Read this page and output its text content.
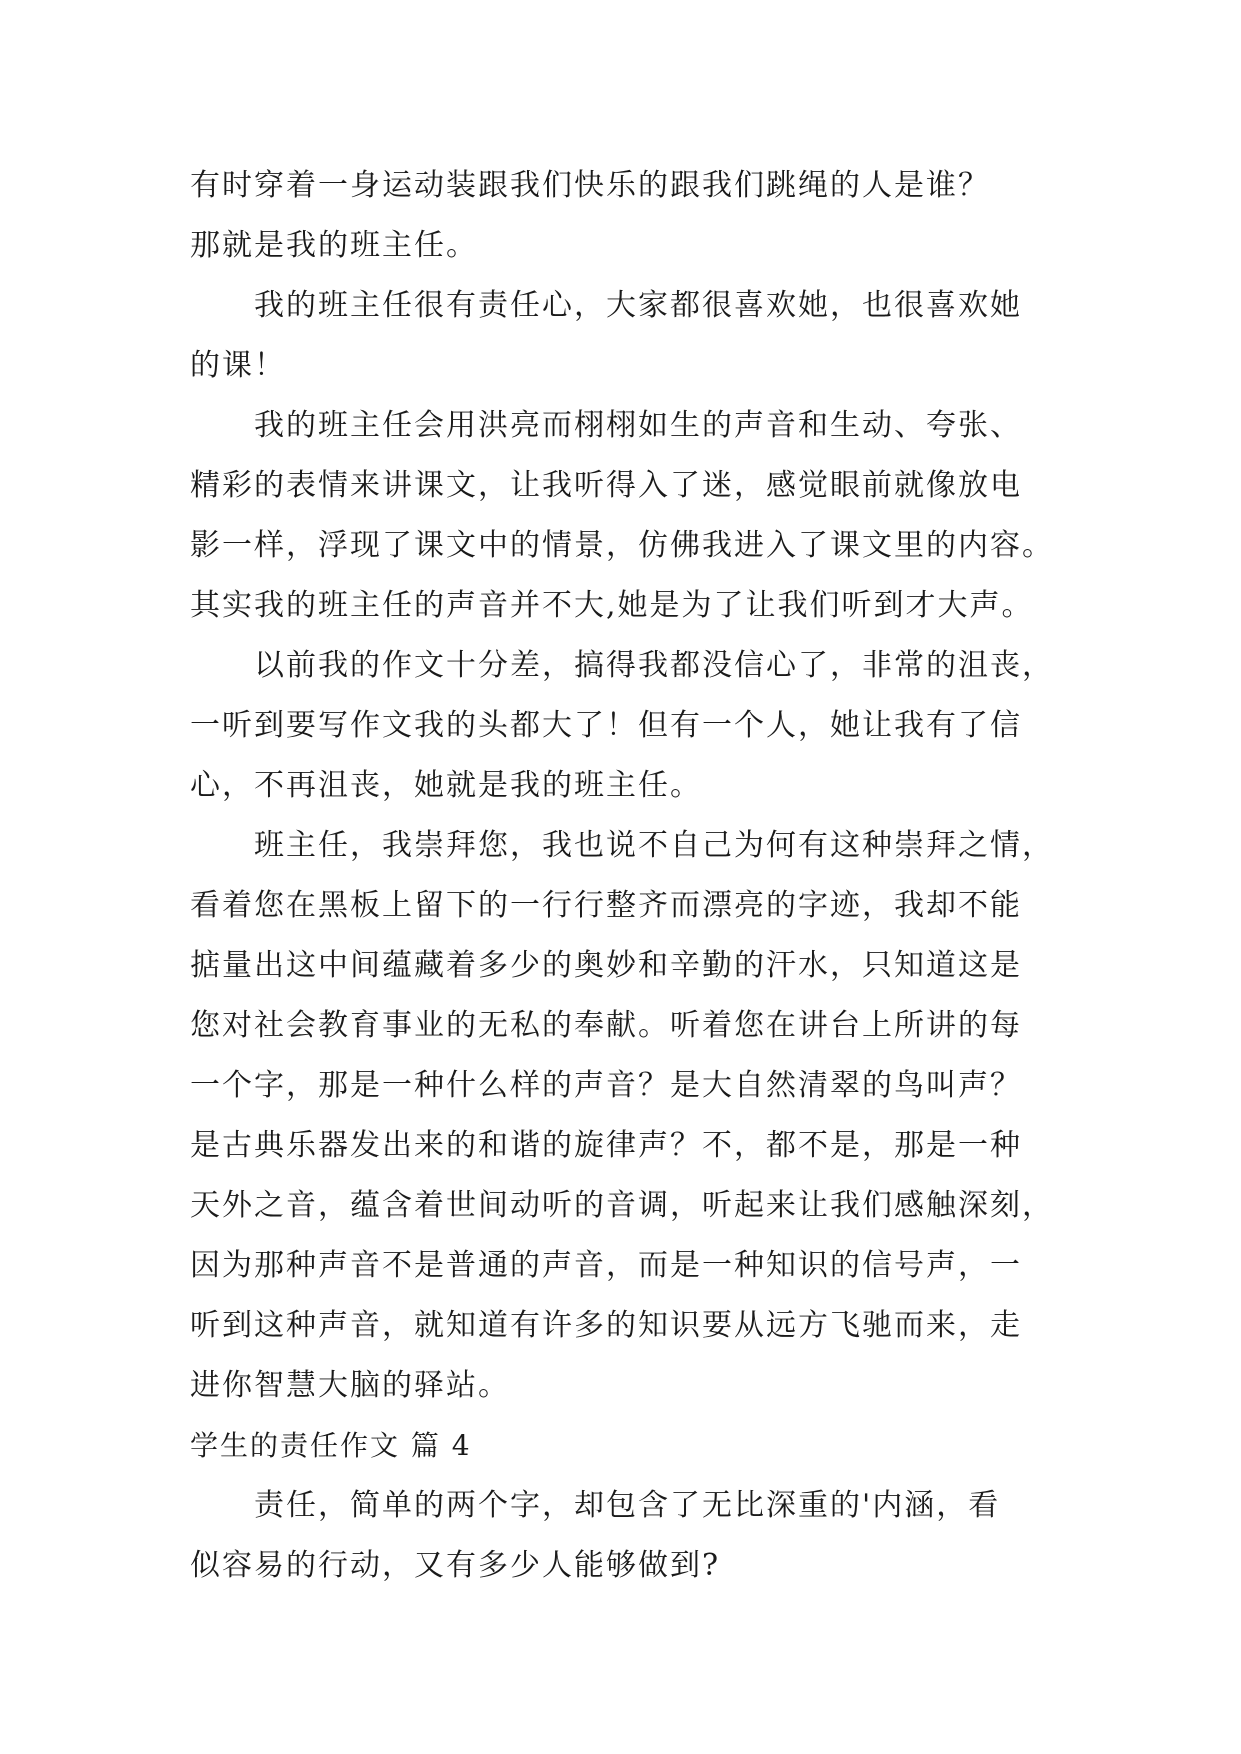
有时穿着一身运动装跟我们快乐的跟我们跳绳的人是谁？
那就是我的班主任。
我的班主任很有责任心，大家都很喜欢她，也很喜欢她
的课！
我的班主任会用洪亮而栩栩如生的声音和生动、夸张、
精彩的表情来讲课文，让我听得入了迷，感觉眼前就像放电
影一样，浮现了课文中的情景，仿佛我进入了课文里的内容。
其实我的班主任的声音并不大,她是为了让我们听到才大声。
以前我的作文十分差，搞得我都没信心了，非常的沮丧，
一听到要写作文我的头都大了！但有一个人，她让我有了信
心，不再沮丧，她就是我的班主任。
班主任，我崇拜您，我也说不自己为何有这种崇拜之情，
看着您在黑板上留下的一行行整齐而漂亮的字迹，我却不能
掂量出这中间蕴藏着多少的奥妙和辛勤的汗水，只知道这是
您对社会教育事业的无私的奉献。听着您在讲台上所讲的每
一个字，那是一种什么样的声音？是大自然清翠的鸟叫声？
是古典乐器发出来的和谐的旋律声？不，都不是，那是一种
天外之音，蕴含着世间动听的音调，听起来让我们感触深刻，
因为那种声音不是普通的声音，而是一种知识的信号声，一
听到这种声音，就知道有许多的知识要从远方飞驰而来，走
进你智慧大脑的驿站。
学生的责任作文 篇 4
责任，简单的两个字，却包含了无比深重的'内涵，看
似容易的行动，又有多少人能够做到?
